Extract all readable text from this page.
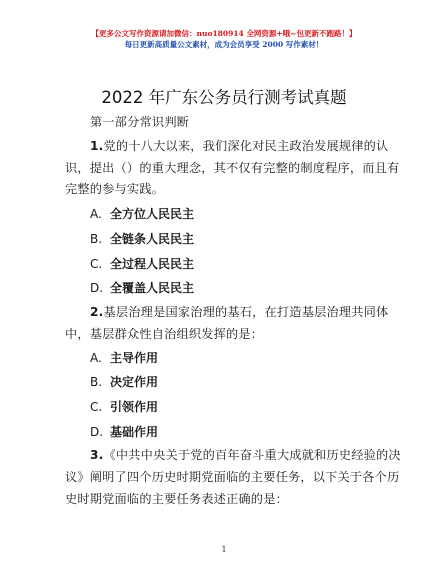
【更多公文写作资源请加微信：nuo180914 全网资源+哦~包更新不跑路！】
每日更新高质量公文素材，成为会员享受 2000 写作素材！
2022 年广东公务员行测考试真题
第一部分常识判断
1.党的十八大以来，我们深化对民主政治发展规律的认
识，提出（）的重大理念，其不仅有完整的制度程序，而且有
完整的参与实践。
A. 全方位人民民主
B. 全链条人民民主
C. 全过程人民民主
D. 全覆盖人民民主
2.基层治理是国家治理的基石，在打造基层治理共同体
中，基层群众性自治组织发挥的是：
A. 主导作用
B. 决定作用
C. 引领作用
D. 基础作用
3.《中共中央关于党的百年奋斗重大成就和历史经验的决
议》阐明了四个历史时期党面临的主要任务，以下关于各个历
史时期党面临的主要任务表述正确的是：
1
